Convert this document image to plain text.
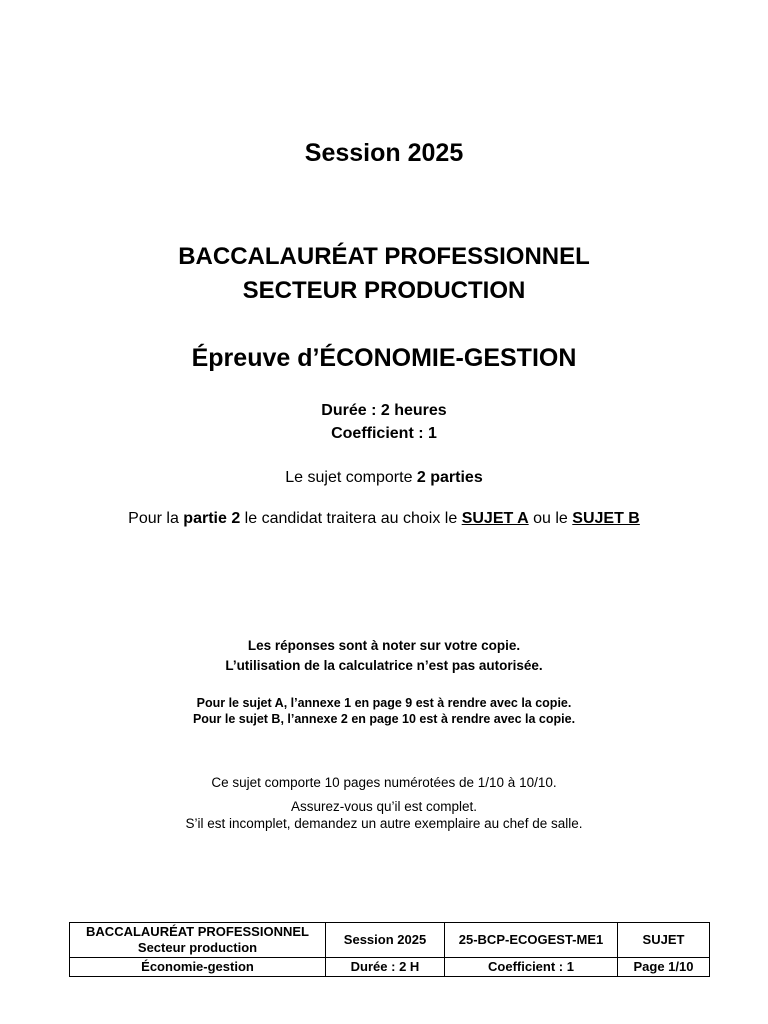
Session 2025
BACCALAURÉAT PROFESSIONNEL
SECTEUR PRODUCTION
Épreuve d’ÉCONOMIE-GESTION
Durée : 2 heures
Coefficient : 1
Le sujet comporte 2 parties
Pour la partie 2 le candidat traitera au choix le SUJET A ou le SUJET B
Les réponses sont à noter sur votre copie.
L’utilisation de la calculatrice n’est pas autorisée.
Pour le sujet A, l’annexe 1 en page 9 est à rendre avec la copie.
Pour le sujet B, l’annexe 2 en page 10 est à rendre avec la copie.
Ce sujet comporte 10 pages numérotées de 1/10 à 10/10.
Assurez-vous qu’il est complet.
S’il est incomplet, demandez un autre exemplaire au chef de salle.
BACCALAURÉAT PROFESSIONNEL
Secteur production	Session 2025	25-BCP-ECOGEST-ME1	SUJET
Économie-gestion	Durée : 2 H	Coefficient : 1	Page 1/10
